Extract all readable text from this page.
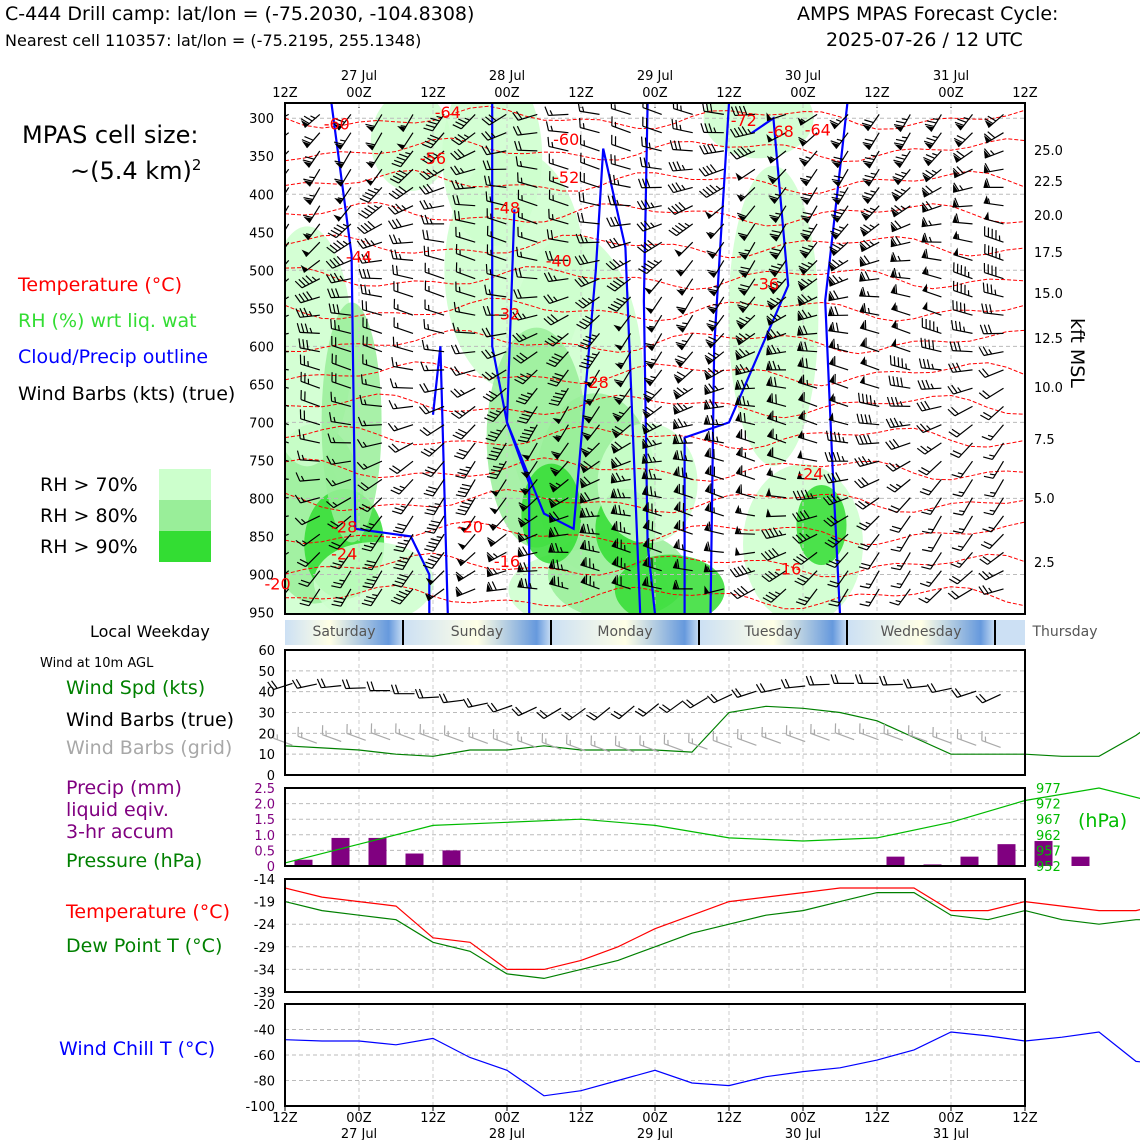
C-444 Drill camp: lat/lon = (-75.2030, -104.8308)
Nearest cell 110357: lat/lon = (-75.2195, 255.1348)
AMPS MPAS Forecast Cycle:
2025-07-26 / 12 UTC
MPAS cell size:
~(5.4 km)$^2$
Temperature (°C)
RH (%) wrt liq. wat
Cloud/Precip outline
Wind Barbs (kts) (true)
RH > 70%
RH > 80%
RH > 90%
Local Weekday	Saturday	Sunday	Monday	Tuesday	Wednesday	Thursday
Wind at 10m AGL
Wind Spd (kts)
Wind Barbs (true)
Wind Barbs (grid)
Precip (mm)
liquid eqiv.
3-hr accum
Pressure (hPa)
(hPa)
Temperature (°C)
Dew Point T (°C)
Wind Chill T (°C)
kft MSL
12Z	00Z	12Z	00Z	12Z	00Z	12Z	00Z	12Z	00Z	12Z
27 Jul	28 Jul	29 Jul	30 Jul	31 Jul
-20
-24
-28
-44
-60
-64
-56
-60
-52
-48
-40
-32
-28
-20
-16
-72
-68 -64
-36
-24
-16
300
350
400
450
500
550
600
650
700
750
800
850
900
950
25.0
22.5
20.0
17.5
15.0
12.5
10.0
7.5
5.0
2.5
0
10
20
30
40
50
60
0
0.5
1.0
1.5
2.0
2.5
952
957
962
967
972
977
-14
-19
-24
-29
-34
-39
-20
-40
-60
-80
-100
12Z	00Z	12Z	00Z	12Z	00Z	12Z	00Z	12Z	00Z	12Z
27 Jul	28 Jul	29 Jul	30 Jul	31 Jul
